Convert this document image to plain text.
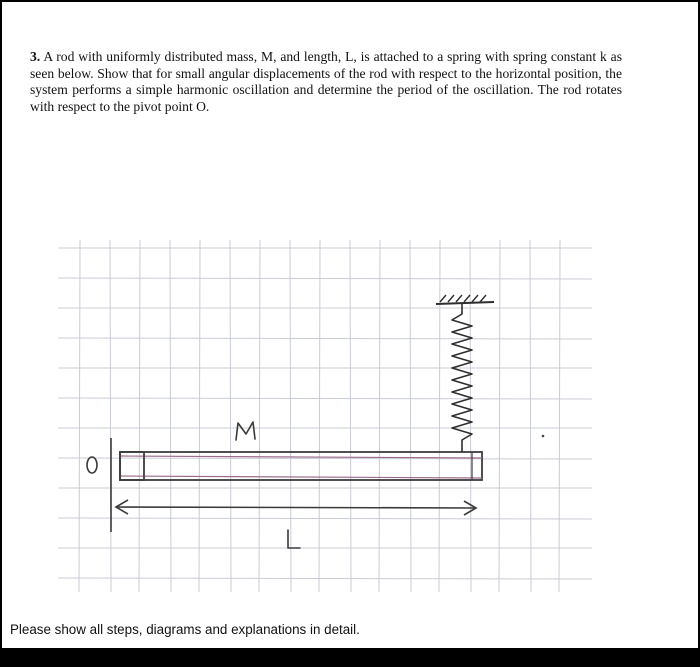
3. A rod with uniformly distributed mass, M, and length, L, is attached to a spring with spring constant k as seen below. Show that for small angular displacements of the rod with respect to the horizontal position, the system performs a simple harmonic oscillation and determine the period of the oscillation. The rod rotates with respect to the pivot point O.

Please show all steps, diagrams and explanations in detail.
